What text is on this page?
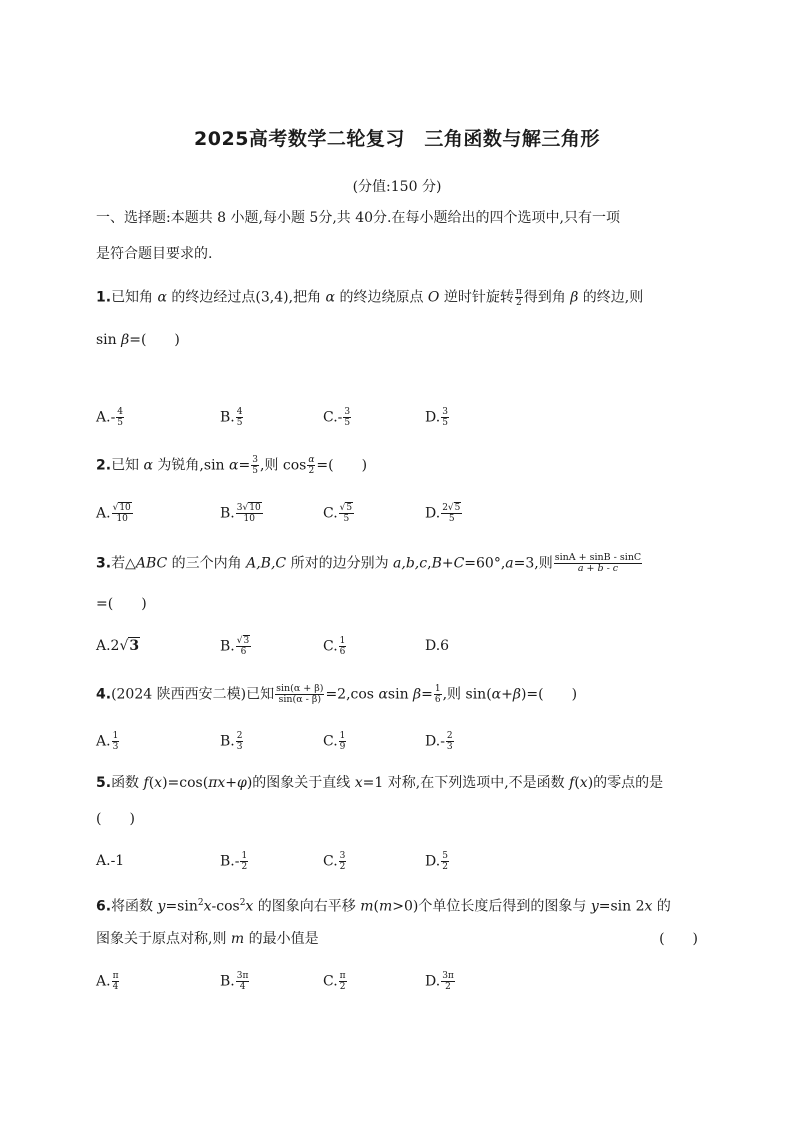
2025高考数学二轮复习　三角函数与解三角形
(分值:150 分)
一、选择题:本题共 8 小题,每小题 5分,共 40分.在每小题给出的四个选项中,只有一项
是符合题目要求的.
1.已知角 α 的终边经过点(3,4),把角 α 的终边绕原点 O 逆时针旋转 $\frac{\pi}{2}$ 得到角 β 的终边,则
sin β=(　　)
$A.- \frac{4}{5}$	B. $\frac{4}{5}$	$C.- \frac{3}{5}$	D. $\frac{3}{5}$
2.已知 α 为锐角,sin $\alpha= \frac{3}{5}$ ,则 $\cos \frac{\alpha}{2}$ =(　　)
A. $\frac{√10}{10}$	B. $\frac{3√10}{10}$	C. $\frac{√5}{5}$	D. $\frac{2√5}{5}$
3.若△ABC 的三个内角 A,B,C 所对的边分别为 a,b,c,B+C=60°,a=3,则 $\frac{\sin A + \sin B - \sin C}{a + b - c}$
=(　　)
A.2√3	B. $\frac{√3}{6}$	C. $\frac{1}{6}$	D.6
4.(2024 陕西西安二模)已知 $\frac{\sin(\alpha + \beta)}{\sin(\alpha - \beta)} =2,\cos$ αsin $\beta= \frac{1}{6}$ ,则 sin(α+β)=(　　)
A. $\frac{1}{3}$	B. $\frac{2}{3}$	C. $\frac{1}{9}$	$D.- \frac{2}{3}$
5.函数 f(x)=cos(πx+φ)的图象关于直线 x=1 对称,在下列选项中,不是函数 f(x)的零点的是
(　　)
A.-1	$B.- \frac{1}{2}$	C. $\frac{3}{2}$	D. $\frac{5}{2}$
6.将函数 $y=\sin^2x-\cos^2x$ 的图象向右平移 m(m>0)个单位长度后得到的图象与 y=sin 2x 的
图象关于原点对称,则 m 的最小值是	(　　)
A. $\frac{\pi}{4}$	B. $\frac{3\pi}{4}$	C. $\frac{\pi}{2}$	D. $\frac{3\pi}{2}$
